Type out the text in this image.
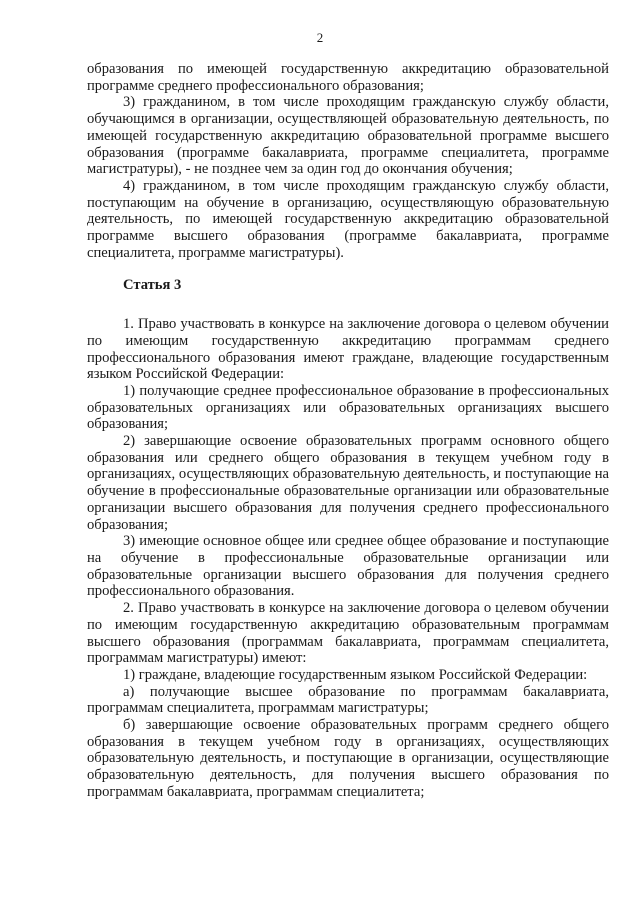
2

образования по имеющей государственную аккредитацию образовательной программе среднего профессионального образования;

3) гражданином, в том числе проходящим гражданскую службу области, обучающимся в организации, осуществляющей образовательную деятельность, по имеющей государственную аккредитацию образовательной программе высшего образования (программе бакалавриата, программе специалитета, программе магистратуры), - не позднее чем за один год до окончания обучения;

4) гражданином, в том числе проходящим гражданскую службу области, поступающим на обучение в организацию, осуществляющую образовательную деятельность, по имеющей государственную аккредитацию образовательной программе высшего образования (программе бакалавриата, программе специалитета, программе магистратуры).

Статья 3

1. Право участвовать в конкурсе на заключение договора о целевом обучении по имеющим государственную аккредитацию программам среднего профессионального образования имеют граждане, владеющие государственным языком Российской Федерации:

1) получающие среднее профессиональное образование в профессиональных образовательных организациях или образовательных организациях высшего образования;

2) завершающие освоение образовательных программ основного общего образования или среднего общего образования в текущем учебном году в организациях, осуществляющих образовательную деятельность, и поступающие на обучение в профессиональные образовательные организации или образовательные организации высшего образования для получения среднего профессионального образования;

3) имеющие основное общее или среднее общее образование и поступающие на обучение в профессиональные образовательные организации или образовательные организации высшего образования для получения среднего профессионального образования.

2. Право участвовать в конкурсе на заключение договора о целевом обучении по имеющим государственную аккредитацию образовательным программам высшего образования (программам бакалавриата, программам специалитета, программам магистратуры) имеют:

1) граждане, владеющие государственным языком Российской Федерации:

а) получающие высшее образование по программам бакалавриата, программам специалитета, программам магистратуры;

б) завершающие освоение образовательных программ среднего общего образования в текущем учебном году в организациях, осуществляющих образовательную деятельность, и поступающие в организации, осуществляющие образовательную деятельность, для получения высшего образования по программам бакалавриата, программам специалитета;
